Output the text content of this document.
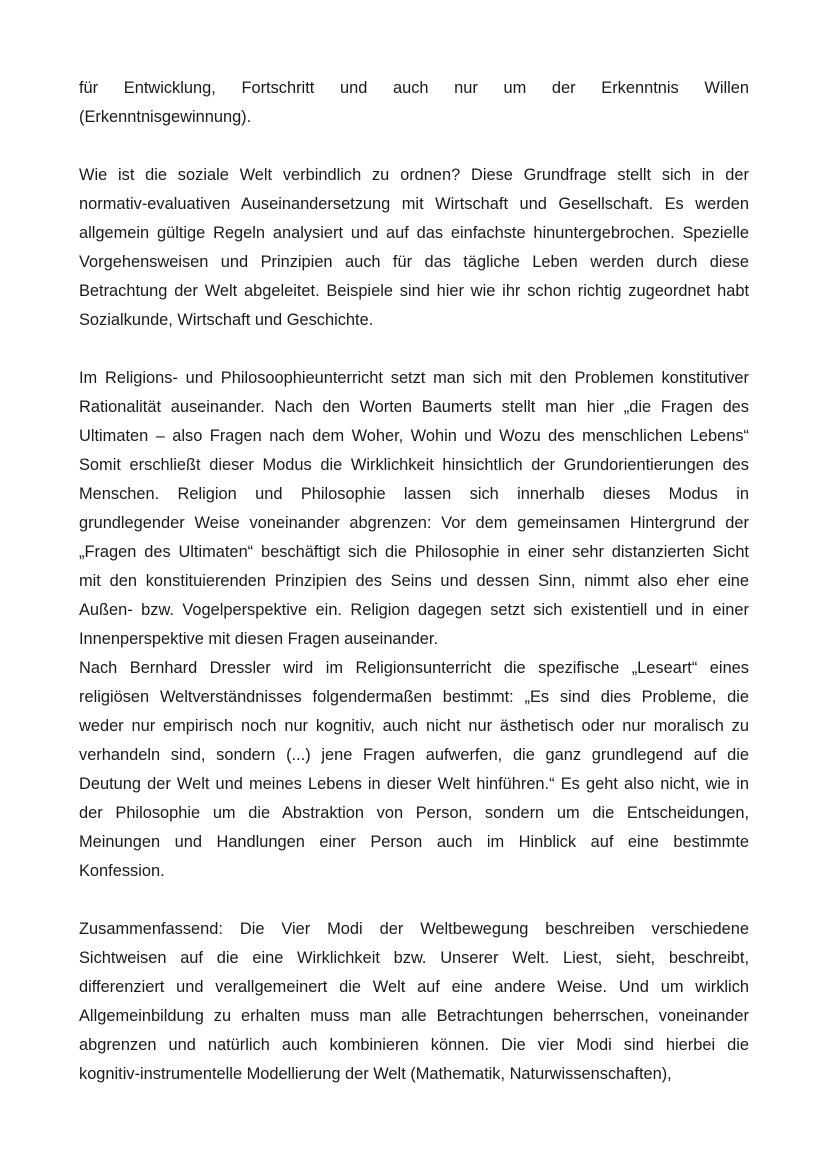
für Entwicklung, Fortschritt und auch nur um der Erkenntnis Willen
(Erkenntnisgewinnung).
Wie ist die soziale Welt verbindlich zu ordnen? Diese Grundfrage stellt sich in der
normativ-evaluativen Auseinandersetzung mit Wirtschaft und Gesellschaft. Es werden
allgemein gültige Regeln analysiert und auf das einfachste hinuntergebrochen. Spezielle
Vorgehensweisen und Prinzipien auch für das tägliche Leben werden durch diese
Betrachtung der Welt abgeleitet. Beispiele sind hier wie ihr schon richtig zugeordnet habt
Sozialkunde, Wirtschaft und Geschichte.
Im Religions- und Philosoophieunterricht setzt man sich mit den Problemen konstitutiver
Rationalität auseinander. Nach den Worten Baumerts stellt man hier „die Fragen des
Ultimaten – also Fragen nach dem Woher, Wohin und Wozu des menschlichen Lebens“
Somit erschließt dieser Modus die Wirklichkeit hinsichtlich der Grundorientierungen des
Menschen. Religion und Philosophie lassen sich innerhalb dieses Modus in
grundlegender Weise voneinander abgrenzen: Vor dem gemeinsamen Hintergrund der
„Fragen des Ultimaten“ beschäftigt sich die Philosophie in einer sehr distanzierten Sicht
mit den konstituierenden Prinzipien des Seins und dessen Sinn, nimmt also eher eine
Außen- bzw. Vogelperspektive ein. Religion dagegen setzt sich existentiell und in einer
Innenperspektive mit diesen Fragen auseinander.
Nach Bernhard Dressler wird im Religionsunterricht die spezifische „Leseart“ eines
religiösen Weltverständnisses folgendermaßen bestimmt: „Es sind dies Probleme, die
weder nur empirisch noch nur kognitiv, auch nicht nur ästhetisch oder nur moralisch zu
verhandeln sind, sondern (...) jene Fragen aufwerfen, die ganz grundlegend auf die
Deutung der Welt und meines Lebens in dieser Welt hinführen.“ Es geht also nicht, wie in
der Philosophie um die Abstraktion von Person, sondern um die Entscheidungen,
Meinungen und Handlungen einer Person auch im Hinblick auf eine bestimmte
Konfession.
Zusammenfassend: Die Vier Modi der Weltbewegung beschreiben verschiedene
Sichtweisen auf die eine Wirklichkeit bzw. Unserer Welt. Liest, sieht, beschreibt,
differenziert und verallgemeinert die Welt auf eine andere Weise. Und um wirklich
Allgemeinbildung zu erhalten muss man alle Betrachtungen beherrschen, voneinander
abgrenzen und natürlich auch kombinieren können. Die vier Modi sind hierbei die
kognitiv-instrumentelle Modellierung der Welt (Mathematik, Naturwissenschaften),
